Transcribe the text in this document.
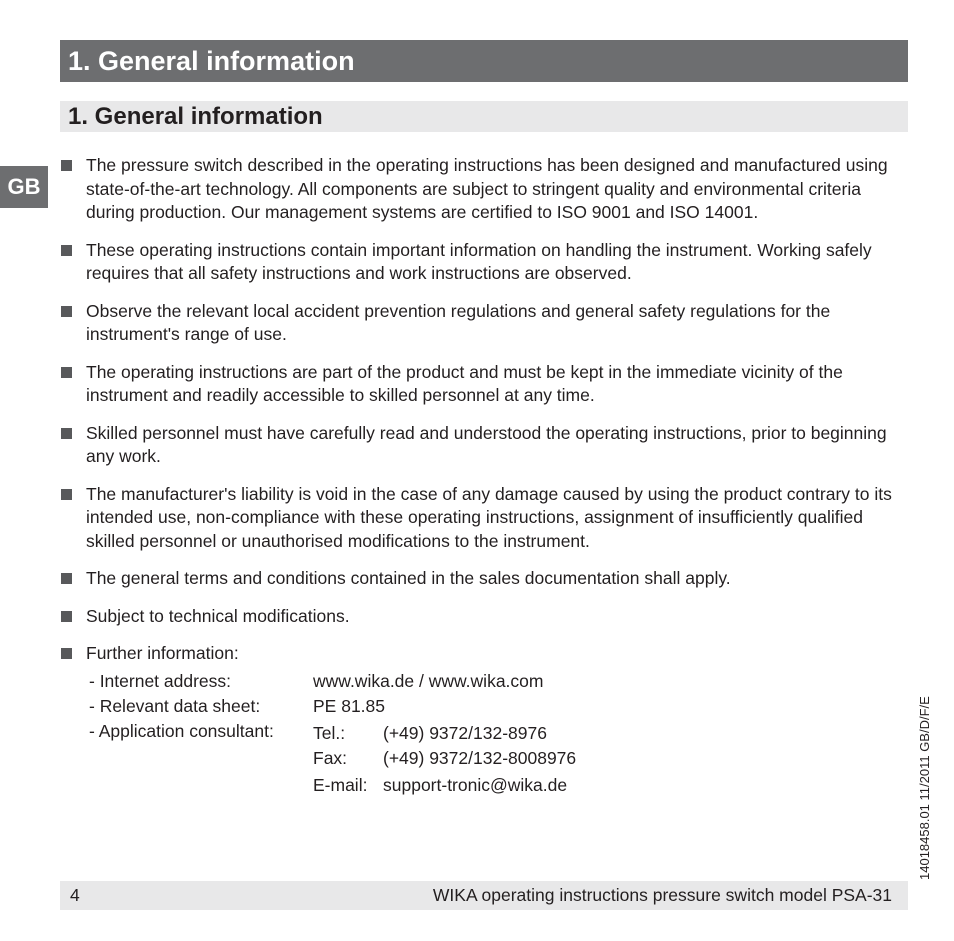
1. General information
1. General information
GB
The pressure switch described in the operating instructions has been designed and manufactured using state-of-the-art technology. All components are subject to stringent quality and environmental criteria during production. Our management systems are certified to ISO 9001 and ISO 14001.
These operating instructions contain important information on handling the instrument. Working safely requires that all safety instructions and work instructions are observed.
Observe the relevant local accident prevention regulations and general safety regulations for the instrument's range of use.
The operating instructions are part of the product and must be kept in the immediate vicinity of the instrument and readily accessible to skilled personnel at any time.
Skilled personnel must have carefully read and understood the operating instructions, prior to beginning any work.
The manufacturer's liability is void in the case of any damage caused by using the product contrary to its intended use, non-compliance with these operating instructions, assignment of insufficiently qualified skilled personnel or unauthorised modifications to the instrument.
The general terms and conditions contained in the sales documentation shall apply.
Subject to technical modifications.
Further information:
- Internet address:	www.wika.de / www.wika.com
- Relevant data sheet:	PE 81.85
- Application consultant: Tel.: (+49) 9372/132-8976
Fax: (+49) 9372/132-8008976
E-mail: support-tronic@wika.de	14018458.01 11/2011 GB/D/F/E
4	WIKA operating instructions pressure switch model PSA-31
